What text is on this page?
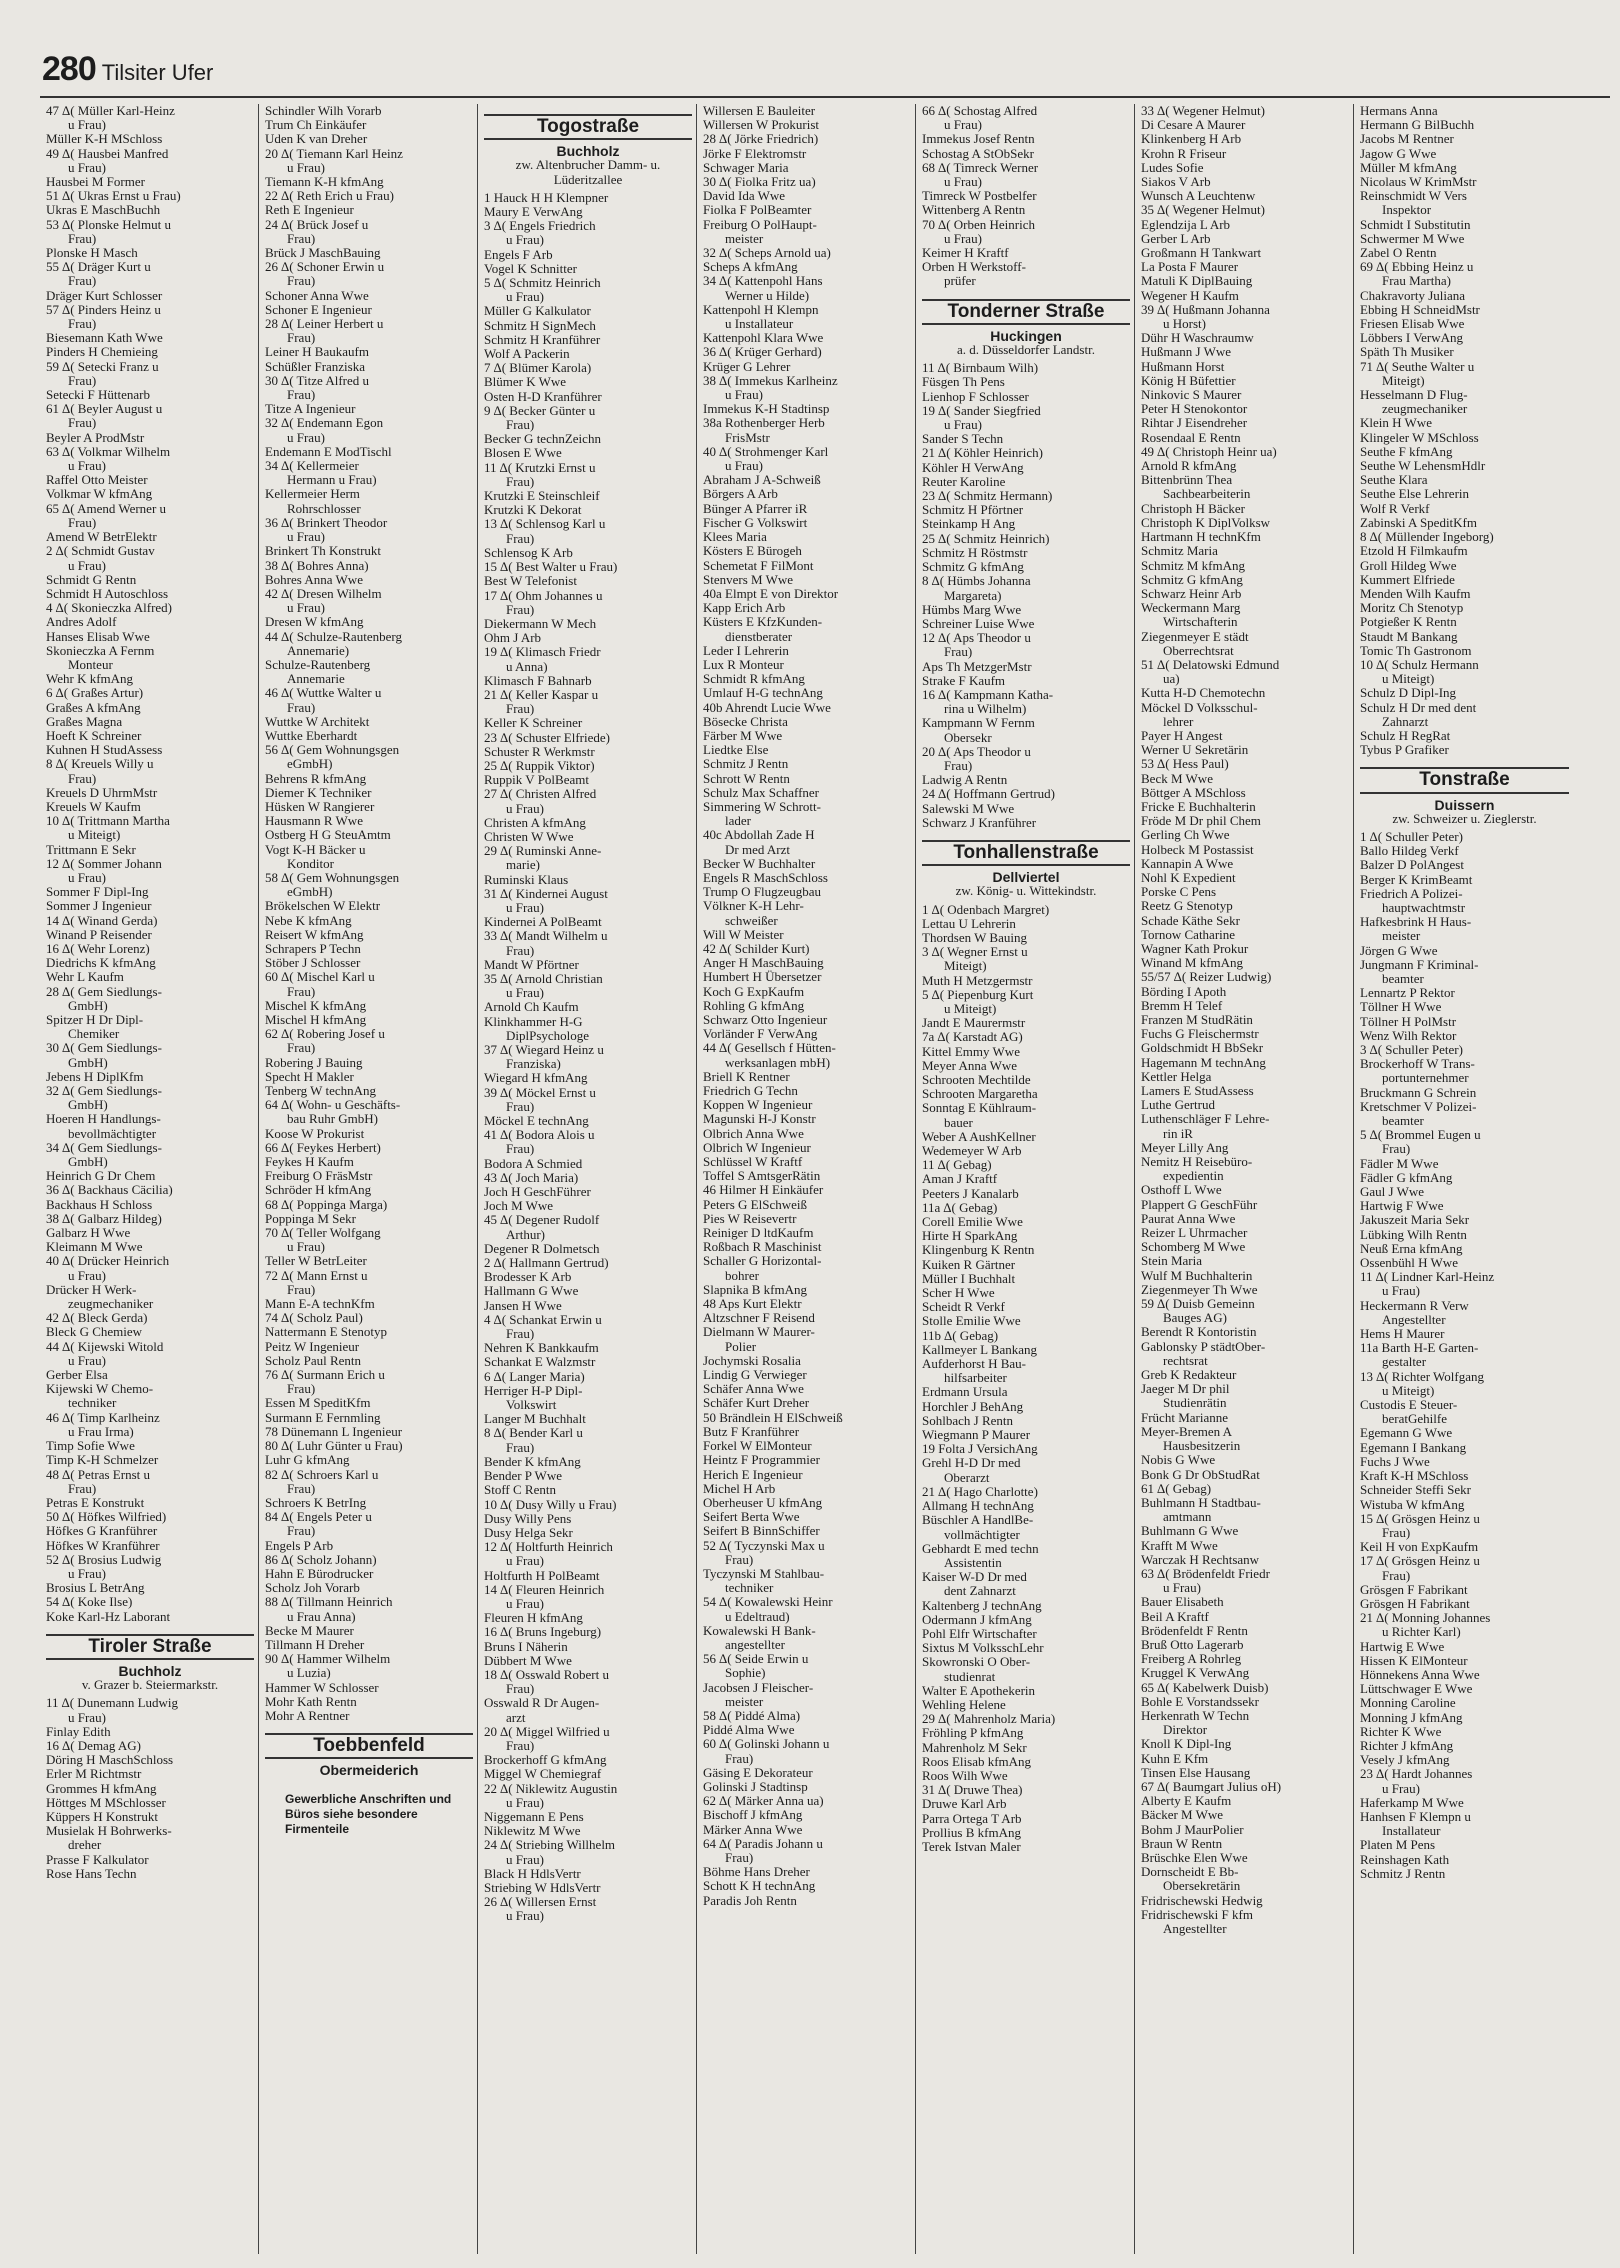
280 Tilsiter Ufer
47 ∆( Müller Karl-Heinz
u Frau)
Müller K-H MSchloss
49 ∆( Hausbei Manfred
u Frau)
Hausbei M Former
51 ∆( Ukras Ernst u Frau)
Ukras E MaschBuchh
53 ∆( Plonske Helmut u
Frau)
Plonske H Masch
55 ∆( Dräger Kurt u
Frau)
Dräger Kurt Schlosser
57 ∆( Pinders Heinz u
Frau)
Biesemann Kath Wwe
Pinders H Chemieing
59 ∆( Setecki Franz u
Frau)
Setecki F Hüttenarb
61 ∆( Beyler August u
Frau)
Beyler A ProdMstr
63 ∆( Volkmar Wilhelm
u Frau)
Raffel Otto Meister
Volkmar W kfmAng
65 ∆( Amend Werner u
Frau)
Amend W BetrElektr
2 ∆( Schmidt Gustav
u Frau)
Schmidt G Rentn
Schmidt H Autoschloss
4 ∆( Skonieczka Alfred)
Andres Adolf
Hanses Elisab Wwe
Skonieczka A Fernm
Monteur
Wehr K kfmAng
6 ∆( Graßes Artur)
Graßes A kfmAng
Graßes Magna
Hoeft K Schreiner
Kuhnen H StudAssess
8 ∆( Kreuels Willy u
Frau)
Kreuels D UhrmMstr
Kreuels W Kaufm
10 ∆( Trittmann Martha
u Miteigt)
Trittmann E Sekr
12 ∆( Sommer Johann
u Frau)
Sommer F Dipl-Ing
Sommer J Ingenieur
14 ∆( Winand Gerda)
Winand P Reisender
16 ∆( Wehr Lorenz)
Diedrichs K kfmAng
Wehr L Kaufm
28 ∆( Gem Siedlungs-
GmbH)
Spitzer H Dr Dipl-
Chemiker
30 ∆( Gem Siedlungs-
GmbH)
Jebens H DiplKfm
32 ∆( Gem Siedlungs-
GmbH)
Hoeren H Handlungs-
bevollmächtigter
34 ∆( Gem Siedlungs-
GmbH)
Heinrich G Dr Chem
36 ∆( Backhaus Cäcilia)
Backhaus H Schloss
38 ∆( Galbarz Hildeg)
Galbarz H Wwe
Kleimann M Wwe
40 ∆( Drücker Heinrich
u Frau)
Drücker H Werk-
zeugmechaniker
42 ∆( Bleck Gerda)
Bleck G Chemiew
44 ∆( Kijewski Witold
u Frau)
Gerber Elsa
Kijewski W Chemo-
techniker
46 ∆( Timp Karlheinz
u Frau Irma)
Timp Sofie Wwe
Timp K-H Schmelzer
48 ∆( Petras Ernst u
Frau)
Petras E Konstrukt
50 ∆( Höfkes Wilfried)
Höfkes G Kranführer
Höfkes W Kranführer
52 ∆( Brosius Ludwig
u Frau)
Brosius L BetrAng
54 ∆( Koke Ilse)
Koke Karl-Hz Laborant
Tiroler Straße
Buchholz
v. Grazer b. Steiermarkstr.
11 ∆( Dunemann Ludwig
u Frau)
Finlay Edith
16 ∆( Demag AG)
Döring H MaschSchloss
Erler M Richtmstr
Grommes H kfmAng
Höttges M MSchlosser
Küppers H Konstrukt
Musielak H Bohrwerks-
dreher
Prasse F Kalkulator
Rose Hans Techn
Schindler Wilh Vorarb
Trum Ch Einkäufer
Uden K van Dreher
20 ∆( Tiemann Karl Heinz
u Frau)
Tiemann K-H kfmAng
22 ∆( Reth Erich u Frau)
Reth E Ingenieur
24 ∆( Brück Josef u
Frau)
Brück J MaschBauing
26 ∆( Schoner Erwin u
Frau)
Schoner Anna Wwe
Schoner E Ingenieur
28 ∆( Leiner Herbert u
Frau)
Leiner H Baukaufm
Schüßler Franziska
30 ∆( Titze Alfred u
Frau)
Titze A Ingenieur
32 ∆( Endemann Egon
u Frau)
Endemann E ModTischl
34 ∆( Kellermeier
Hermann u Frau)
Kellermeier Herm
Rohrschlosser
36 ∆( Brinkert Theodor
u Frau)
Brinkert Th Konstrukt
38 ∆( Bohres Anna)
Bohres Anna Wwe
42 ∆( Dresen Wilhelm
u Frau)
Dresen W kfmAng
44 ∆( Schulze-Rautenberg
Annemarie)
Schulze-Rautenberg
Annemarie
46 ∆( Wuttke Walter u
Frau)
Wuttke W Architekt
Wuttke Eberhardt
56 ∆( Gem Wohnungsgen
eGmbH)
Behrens R kfmAng
Diemer K Techniker
Hüsken W Rangierer
Hausmann R Wwe
Ostberg H G SteuAmtm
Vogt K-H Bäcker u
Konditor
58 ∆( Gem Wohnungsgen
eGmbH)
Brökelschen W Elektr
Nebe K kfmAng
Reisert W kfmAng
Schrapers P Techn
Stöber J Schlosser
60 ∆( Mischel Karl u
Frau)
Mischel K kfmAng
Mischel H kfmAng
62 ∆( Robering Josef u
Frau)
Robering J Bauing
Specht H Makler
Tenberg W technAng
64 ∆( Wohn- u Geschäfts-
bau Ruhr GmbH)
Koose W Prokurist
66 ∆( Feykes Herbert)
Feykes H Kaufm
Freiburg O FräsMstr
Schröder H kfmAng
68 ∆( Poppinga Marga)
Poppinga M Sekr
70 ∆( Teller Wolfgang
u Frau)
Teller W BetrLeiter
72 ∆( Mann Ernst u
Frau)
Mann E-A technKfm
74 ∆( Scholz Paul)
Nattermann E Stenotyp
Peitz W Ingenieur
Scholz Paul Rentn
76 ∆( Surmann Erich u
Frau)
Essen M SpeditKfm
Surmann E Fernmling
78 Dünemann L Ingenieur
80 ∆( Luhr Günter u Frau)
Luhr G kfmAng
82 ∆( Schroers Karl u
Frau)
Schroers K BetrIng
84 ∆( Engels Peter u
Frau)
Engels P Arb
86 ∆( Scholz Johann)
Hahn E Bürodrucker
Scholz Joh Vorarb
88 ∆( Tillmann Heinrich
u Frau Anna)
Becke M Maurer
Tillmann H Dreher
90 ∆( Hammer Wilhelm
u Luzia)
Hammer W Schlosser
Mohr Kath Rentn
Mohr A Rentner
Toebbenfeld
Obermeiderich
Gewerbliche Anschriften und Büros siehe besondere Firmenteile
Togostraße
Buchholz
zw. Altenbrucher Damm- u. Lüderitzallee
1 Hauck H H Klempner
Maury E VerwAng
3 ∆( Engels Friedrich
u Frau)
Engels F Arb
Vogel K Schnitter
5 ∆( Schmitz Heinrich
u Frau)
Müller G Kalkulator
Schmitz H SignMech
Schmitz H Kranführer
Wolf A Packerin
7 ∆( Blümer Karola)
Blümer K Wwe
Osten H-D Kranführer
9 ∆( Becker Günter u
Frau)
Becker G technZeichn
Blosen E Wwe
11 ∆( Krutzki Ernst u
Frau)
Krutzki E Steinschleif
Krutzki K Dekorat
13 ∆( Schlensog Karl u
Frau)
Schlensog K Arb
15 ∆( Best Walter u Frau)
Best W Telefonist
17 ∆( Ohm Johannes u
Frau)
Diekermann W Mech
Ohm J Arb
19 ∆( Klimasch Friedr
u Anna)
Klimasch F Bahnarb
21 ∆( Keller Kaspar u
Frau)
Keller K Schreiner
23 ∆( Schuster Elfriede)
Schuster R Werkmstr
25 ∆( Ruppik Viktor)
Ruppik V PolBeamt
27 ∆( Christen Alfred
u Frau)
Christen A kfmAng
Christen W Wwe
29 ∆( Ruminski Anne-
marie)
Ruminski Klaus
31 ∆( Kindernei August
u Frau)
Kindernei A PolBeamt
33 ∆( Mandt Wilhelm u
Frau)
Mandt W Pförtner
35 ∆( Arnold Christian
u Frau)
Arnold Ch Kaufm
Klinkhammer H-G
DiplPsychologe
37 ∆( Wiegard Heinz u
Franziska)
Wiegard H kfmAng
39 ∆( Möckel Ernst u
Frau)
Möckel E technAng
41 ∆( Bodora Alois u
Frau)
Bodora A Schmied
43 ∆( Joch Maria)
Joch H GeschFührer
Joch M Wwe
45 ∆( Degener Rudolf
Arthur)
Degener R Dolmetsch
2 ∆( Hallmann Gertrud)
Brodesser K Arb
Hallmann G Wwe
Jansen H Wwe
4 ∆( Schankat Erwin u
Frau)
Nehren K Bankkaufm
Schankat E Walzmstr
6 ∆( Langer Maria)
Herriger H-P Dipl-
Volkswirt
Langer M Buchhalt
8 ∆( Bender Karl u
Frau)
Bender K kfmAng
Bender P Wwe
Stoff C Rentn
10 ∆( Dusy Willy u Frau)
Dusy Willy Pens
Dusy Helga Sekr
12 ∆( Holtfurth Heinrich
u Frau)
Holtfurth H PolBeamt
14 ∆( Fleuren Heinrich
u Frau)
Fleuren H kfmAng
16 ∆( Bruns Ingeburg)
Bruns I Näherin
Dübbert M Wwe
18 ∆( Osswald Robert u
Frau)
Osswald R Dr Augen-
arzt
20 ∆( Miggel Wilfried u
Frau)
Brockerhoff G kfmAng
Miggel W Chemiegraf
22 ∆( Niklewitz Augustin
u Frau)
Niggemann E Pens
Niklewitz M Wwe
24 ∆( Striebing Willhelm
u Frau)
Black H HdlsVertr
Striebing W HdlsVertr
26 ∆( Willersen Ernst
u Frau)
Willersen E Bauleiter
Willersen W Prokurist
28 ∆( Jörke Friedrich)
Jörke F Elektromstr
Schwager Maria
30 ∆( Fiolka Fritz ua)
David Ida Wwe
Fiolka F PolBeamter
Freiburg O PolHaupt-
meister
32 ∆( Scheps Arnold ua)
Scheps A kfmAng
34 ∆( Kattenpohl Hans
Werner u Hilde)
Kattenpohl H Klempn
u Installateur
Kattenpohl Klara Wwe
36 ∆( Krüger Gerhard)
Krüger G Lehrer
38 ∆( Immekus Karlheinz
u Frau)
Immekus K-H Stadtinsp
38a Rothenberger Herb
FrisMstr
40 ∆( Strohmenger Karl
u Frau)
Abraham J A-Schweiß
Börgers A Arb
Bünger A Pfarrer iR
Fischer G Volkswirt
Klees Maria
Kösters E Bürogeh
Schemetat F FilMont
Stenvers M Wwe
40a Elmpt E von Direktor
Kapp Erich Arb
Küsters E KfzKunden-
dienstberater
Leder I Lehrerin
Lux R Monteur
Schmidt R kfmAng
Umlauf H-G technAng
40b Ahrendt Lucie Wwe
Bösecke Christa
Färber M Wwe
Liedtke Else
Schmitz J Rentn
Schrott W Rentn
Schulz Max Schaffner
Simmering W Schrott-
lader
40c Abdollah Zade H
Dr med Arzt
Becker W Buchhalter
Engels R MaschSchloss
Trump O Flugzeugbau
Völkner K-H Lehr-
schweißer
Will W Meister
42 ∆( Schilder Kurt)
Anger H MaschBauing
Humbert H Übersetzer
Koch G ExpKaufm
Rohling G kfmAng
Schwarz Otto Ingenieur
Vorländer F VerwAng
44 ∆( Gesellsch f Hütten-
werksanlagen mbH)
Briell K Rentner
Friedrich G Techn
Koppen W Ingenieur
Magunski H-J Konstr
Olbrich Anna Wwe
Olbrich W Ingenieur
Schlüssel W Kraftf
Toffel S AmtsgerRätin
46 Hilmer H Einkäufer
Peters G ElSchweiß
Pies W Reisevertr
Reiniger D ltdKaufm
Roßbach R Maschinist
Schaller G Horizontal-
bohrer
Slapnika B kfmAng
48 Aps Kurt Elektr
Altzschner F Reisend
Dielmann W Maurer-
Polier
Jochymski Rosalia
Lindig G Verwieger
Schäfer Anna Wwe
Schäfer Kurt Dreher
50 Brändlein H ElSchweiß
Butz F Kranführer
Forkel W ElMonteur
Heintz F Programmier
Herich E Ingenieur
Michel H Arb
Oberheuser U kfmAng
Seifert Berta Wwe
Seifert B BinnSchiffer
52 ∆( Tyczynski Max u
Frau)
Tyczynski M Stahlbau-
techniker
54 ∆( Kowalewski Heinr
u Edeltraud)
Kowalewski H Bank-
angestellter
56 ∆( Seide Erwin u
Sophie)
Jacobsen J Fleischer-
meister
58 ∆( Piddé Alma)
Piddé Alma Wwe
60 ∆( Golinski Johann u
Frau)
Gäsing E Dekorateur
Golinski J Stadtinsp
62 ∆( Märker Anna ua)
Bischoff J kfmAng
Märker Anna Wwe
64 ∆( Paradis Johann u
Frau)
Böhme Hans Dreher
Schott K H technAng
Paradis Joh Rentn
66 ∆( Schostag Alfred
u Frau)
Immekus Josef Rentn
Schostag A StObSekr
68 ∆( Timreck Werner
u Frau)
Timreck W Postbelfer
Wittenberg A Rentn
70 ∆( Orben Heinrich
u Frau)
Keimer H Kraftf
Orben H Werkstoff-
prüfer
Tonderner Straße
Huckingen
a. d. Düsseldorfer Landstr.
11 ∆( Birnbaum Wilh)
Füsgen Th Pens
Lienhop F Schlosser
19 ∆( Sander Siegfried
u Frau)
Sander S Techn
21 ∆( Köhler Heinrich)
Köhler H VerwAng
Reuter Karoline
23 ∆( Schmitz Hermann)
Schmitz H Pförtner
Steinkamp H Ang
25 ∆( Schmitz Heinrich)
Schmitz H Röstmstr
Schmitz G kfmAng
8 ∆( Hümbs Johanna
Margareta)
Hümbs Marg Wwe
Schreiner Luise Wwe
12 ∆( Aps Theodor u
Frau)
Aps Th MetzgerMstr
Strake F Kaufm
16 ∆( Kampmann Katha-
rina u Wilhelm)
Kampmann W Fernm
Obersekr
20 ∆( Aps Theodor u
Frau)
Ladwig A Rentn
24 ∆( Hoffmann Gertrud)
Salewski M Wwe
Schwarz J Kranführer
Tonhallenstraße
Dellviertel
zw. König- u. Wittekindstr.
1 ∆( Odenbach Margret)
Lettau U Lehrerin
Thordsen W Bauing
3 ∆( Wegner Ernst u
Miteigt)
Muth H Metzgermstr
5 ∆( Piepenburg Kurt
u Miteigt)
Jandt E Maurermstr
7a ∆( Karstadt AG)
Kittel Emmy Wwe
Meyer Anna Wwe
Schrooten Mechtilde
Schrooten Margaretha
Sonntag E Kühlraum-
bauer
Weber A AushKellner
Wedemeyer W Arb
11 ∆( Gebag)
Aman J Kraftf
Peeters J Kanalarb
11a ∆( Gebag)
Corell Emilie Wwe
Hirte H SparkAng
Klingenburg K Rentn
Kuiken R Gärtner
Müller I Buchhalt
Scher H Wwe
Scheidt R Verkf
Stolle Emilie Wwe
11b ∆( Gebag)
Kallmeyer L Bankang
Aufderhorst H Bau-
hilfsarbeiter
Erdmann Ursula
Horchler J BehAng
Sohlbach J Rentn
Wiegmann P Maurer
19 Folta J VersichAng
Grehl H-D Dr med
Oberarzt
21 ∆( Hago Charlotte)
Allmang H technAng
Büschler A HandlBe-
vollmächtigter
Gebhardt E med techn
Assistentin
Kaiser W-D Dr med
dent Zahnarzt
Kaltenberg J technAng
Odermann J kfmAng
Pohl Elfr Wirtschafter
Sixtus M VolksschLehr
Skowronski O Ober-
studienrat
Walter E Apothekerin
Wehling Helene
29 ∆( Mahrenholz Maria)
Fröhling P kfmAng
Mahrenholz M Sekr
Roos Elisab kfmAng
Roos Wilh Wwe
31 ∆( Druwe Thea)
Druwe Karl Arb
Parra Ortega T Arb
Prollius B kfmAng
Terek Istvan Maler
33 ∆( Wegener Helmut)
Di Cesare A Maurer
Klinkenberg H Arb
Krohn R Friseur
Ludes Sofie
Siakos V Arb
Wunsch A Leuchtenw
35 ∆( Wegener Helmut)
Eglendzija L Arb
Gerber L Arb
Großmann H Tankwart
La Posta F Maurer
Matuli K DiplBauing
Wegener H Kaufm
39 ∆( Hußmann Johanna
u Horst)
Dühr H Waschraumw
Hußmann J Wwe
Hußmann Horst
König H Büfettier
Ninkovic S Maurer
Peter H Stenokontor
Rihtar J Eisendreher
Rosendaal E Rentn
49 ∆( Christoph Heinr ua)
Arnold R kfmAng
Bittenbrünn Thea
Sachbearbeiterin
Christoph H Bäcker
Christoph K DiplVolksw
Hartmann H technKfm
Schmitz Maria
Schmitz M kfmAng
Schmitz G kfmAng
Schwarz Heinr Arb
Weckermann Marg
Wirtschafterin
Ziegenmeyer E städt
Oberrechtsrat
51 ∆( Delatowski Edmund
ua)
Kutta H-D Chemotechn
Möckel D Volksschul-
lehrer
Payer H Angest
Werner U Sekretärin
53 ∆( Hess Paul)
Beck M Wwe
Böttger A MSchloss
Fricke E Buchhalterin
Fröde M Dr phil Chem
Gerling Ch Wwe
Holbeck M Postassist
Kannapin A Wwe
Nohl K Expedient
Porske C Pens
Reetz G Stenotyp
Schade Käthe Sekr
Tornow Catharine
Wagner Kath Prokur
Winand M kfmAng
55/57 ∆( Reizer Ludwig)
Börding I Apoth
Bremm H Telef
Franzen M StudRätin
Fuchs G Fleischermstr
Goldschmidt H BbSekr
Hagemann M technAng
Kettler Helga
Lamers E StudAssess
Luthe Gertrud
Luthenschläger F Lehre-
rin iR
Meyer Lilly Ang
Nemitz H Reisebüro-
expedientin
Osthoff L Wwe
Plappert G GeschFühr
Paurat Anna Wwe
Reizer L Uhrmacher
Schomberg M Wwe
Stein Maria
Wulf M Buchhalterin
Ziegenmeyer Th Wwe
59 ∆( Duisb Gemeinn
Bauges AG)
Berendt R Kontoristin
Gablonsky P städtOber-
rechtsrat
Greb K Redakteur
Jaeger M Dr phil
Studienrätin
Frücht Marianne
Meyer-Bremen A
Hausbesitzerin
Nobis G Wwe
Bonk G Dr ObStudRat
61 ∆( Gebag)
Buhlmann H Stadtbau-
amtmann
Buhlmann G Wwe
Krafft M Wwe
Warczak H Rechtsanw
63 ∆( Brödenfeldt Friedr
u Frau)
Bauer Elisabeth
Beil A Kraftf
Brödenfeldt F Rentn
Bruß Otto Lagerarb
Freiberg A Rohrleg
Kruggel K VerwAng
65 ∆( Kabelwerk Duisb)
Bohle E Vorstandssekr
Herkenrath W Techn
Direktor
Knoll K Dipl-Ing
Kuhn E Kfm
Tinsen Else Hausang
67 ∆( Baumgart Julius oH)
Alberty E Kaufm
Bäcker M Wwe
Bohm J MaurPolier
Braun W Rentn
Brüschke Elen Wwe
Dornscheidt E Bb-
Obersekretärin
Fridrischewski Hedwig
Fridrischewski F kfm
Angestellter
Hermans Anna
Hermann G BilBuchh
Jacobs M Rentner
Jagow G Wwe
Müller M kfmAng
Nicolaus W KrimMstr
Reinschmidt W Vers
Inspektor
Schmidt I Substitutin
Schwermer M Wwe
Zabel O Rentn
69 ∆( Ebbing Heinz u
Frau Martha)
Chakravorty Juliana
Ebbing H SchneidMstr
Friesen Elisab Wwe
Löbbers I VerwAng
Späth Th Musiker
71 ∆( Seuthe Walter u
Miteigt)
Hesselmann D Flug-
zeugmechaniker
Klein H Wwe
Klingeler W MSchloss
Seuthe F kfmAng
Seuthe W LehensmHdlr
Seuthe Klara
Seuthe Else Lehrerin
Wolf R Verkf
Zabinski A SpeditKfm
8 ∆( Müllender Ingeborg)
Etzold H Filmkaufm
Groll Hildeg Wwe
Kummert Elfriede
Menden Wilh Kaufm
Moritz Ch Stenotyp
Potgießer K Rentn
Staudt M Bankang
Tomic Th Gastronom
10 ∆( Schulz Hermann
u Miteigt)
Schulz D Dipl-Ing
Schulz H Dr med dent
Zahnarzt
Schulz H RegRat
Tybus P Grafiker
Tonstraße
Duissern
zw. Schweizer u. Zieglerstr.
1 ∆( Schuller Peter)
Ballo Hildeg Verkf
Balzer D PolAngest
Berger K KrimBeamt
Friedrich A Polizei-
hauptwachtmstr
Hafkesbrink H Haus-
meister
Jörgen G Wwe
Jungmann F Kriminal-
beamter
Lennartz P Rektor
Töllner H Wwe
Töllner H PolMstr
Wenz Wilh Rektor
3 ∆( Schuller Peter)
Brockerhoff W Trans-
portunternehmer
Bruckmann G Schrein
Kretschmer V Polizei-
beamter
5 ∆( Brommel Eugen u
Frau)
Fädler M Wwe
Fädler G kfmAng
Gaul J Wwe
Hartwig F Wwe
Jakuszeit Maria Sekr
Lübking Wilh Rentn
Neuß Erna kfmAng
Ossenbühl H Wwe
11 ∆( Lindner Karl-Heinz
u Frau)
Heckermann R Verw
Angestellter
Hems H Maurer
11a Barth H-E Garten-
gestalter
13 ∆( Richter Wolfgang
u Miteigt)
Custodis E Steuer-
beratGehilfe
Egemann G Wwe
Egemann I Bankang
Fuchs J Wwe
Kraft K-H MSchloss
Schneider Steffi Sekr
Wistuba W kfmAng
15 ∆( Grösgen Heinz u
Frau)
Keil H von ExpKaufm
17 ∆( Grösgen Heinz u
Frau)
Grösgen F Fabrikant
Grösgen H Fabrikant
21 ∆( Monning Johannes
u Richter Karl)
Hartwig E Wwe
Hissen K ElMonteur
Hönnekens Anna Wwe
Lüttschwager E Wwe
Monning Caroline
Monning J kfmAng
Richter K Wwe
Richter J kfmAng
Vesely J kfmAng
23 ∆( Hardt Johannes
u Frau)
Haferkamp M Wwe
Hanhsen F Klempn u
Installateur
Platen M Pens
Reinshagen Kath
Schmitz J Rentn
